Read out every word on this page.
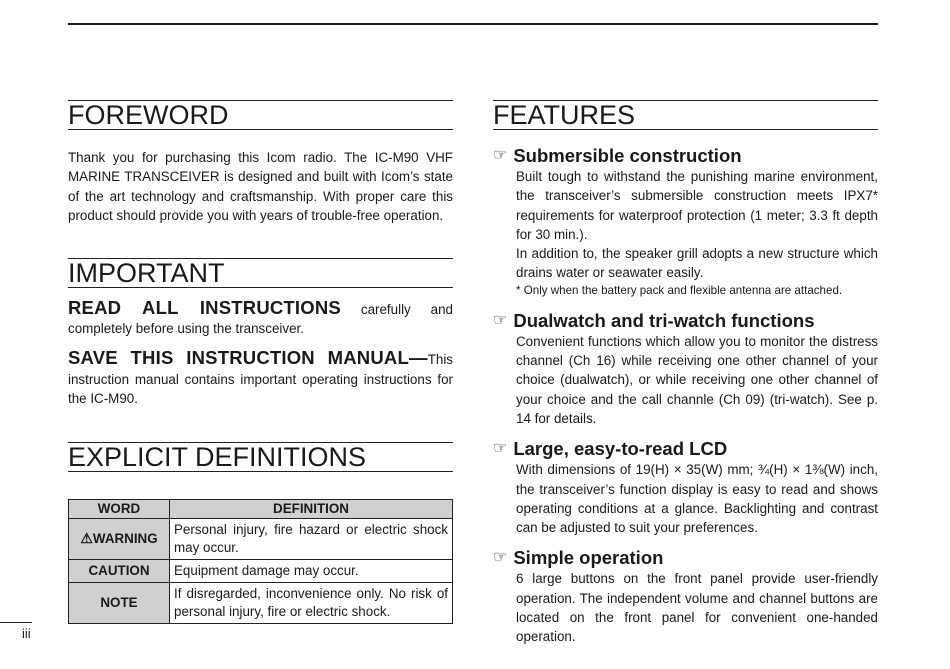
FOREWORD

Thank you for purchasing this Icom radio. The IC-M90 VHF MARINE TRANSCEIVER is designed and built with Icom’s state of the art technology and craftsmanship. With proper care this product should provide you with years of trouble-free operation.

IMPORTANT

READ ALL INSTRUCTIONS carefully and completely before using the transceiver.

SAVE THIS INSTRUCTION MANUAL—This instruction manual contains important operating instructions for the IC-M90.

EXPLICIT DEFINITIONS
WORD	DEFINITION
⚠WARNING	Personal injury, fire hazard or electric shock may occur.
CAUTION	Equipment damage may occur.
NOTE	If disregarded, inconvenience only. No risk of personal injury, fire or electric shock.
FEATURES

☞ Submersible construction

Built tough to withstand the punishing marine environment, the transceiver’s submersible construction meets IPX7* requirements for waterproof protection (1 meter; 3.3 ft depth for 30 min.).

In addition to, the speaker grill adopts a new structure which drains water or seawater easily.

* Only when the battery pack and flexible antenna are attached.

☞ Dualwatch and tri-watch functions

Convenient functions which allow you to monitor the distress channel (Ch 16) while receiving one other channel of your choice (dualwatch), or while receiving one other channel of your choice and the call channle (Ch 09) (tri-watch). See p. 14 for details.

☞ Large, easy-to-read LCD

With dimensions of 19(H) × 35(W) mm; ¾(H) × 1⅜(W) inch, the transceiver’s function display is easy to read and shows operating conditions at a glance. Backlighting and contrast can be adjusted to suit your preferences.

☞ Simple operation

6 large buttons on the front panel provide user-friendly operation. The independent volume and channel buttons are located on the front panel for convenient one-handed operation.

iii
